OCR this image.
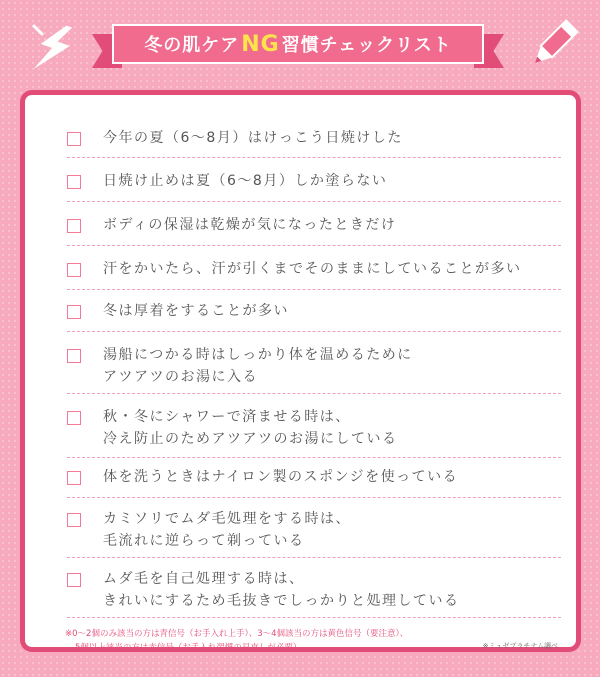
冬の肌ケア NG 習慣チェックリスト
今年の夏（6〜8月）はけっこう日焼けした
日焼け止めは夏（6〜8月）しか塗らない
ボディの保湿は乾燥が気になったときだけ
汗をかいたら、汗が引くまでそのままにしていることが多い
冬は厚着をすることが多い
湯船につかる時はしっかり体を温めるために
アツアツのお湯に入る
秋・冬にシャワーで済ませる時は、
冷え防止のためアツアツのお湯にしている
体を洗うときはナイロン製のスポンジを使っている
カミソリでムダ毛処理をする時は、
毛流れに逆らって剃っている
ムダ毛を自己処理する時は、
きれいにするため毛抜きでしっかりと処理している
※0〜2個のみ該当の方は青信号（お手入れ上手）、3〜4個該当の方は黄色信号（要注意）、
5個以上該当の方は赤信号（お手入れ習慣の見直しが必要）	※ミュゼプラチナム調べ
